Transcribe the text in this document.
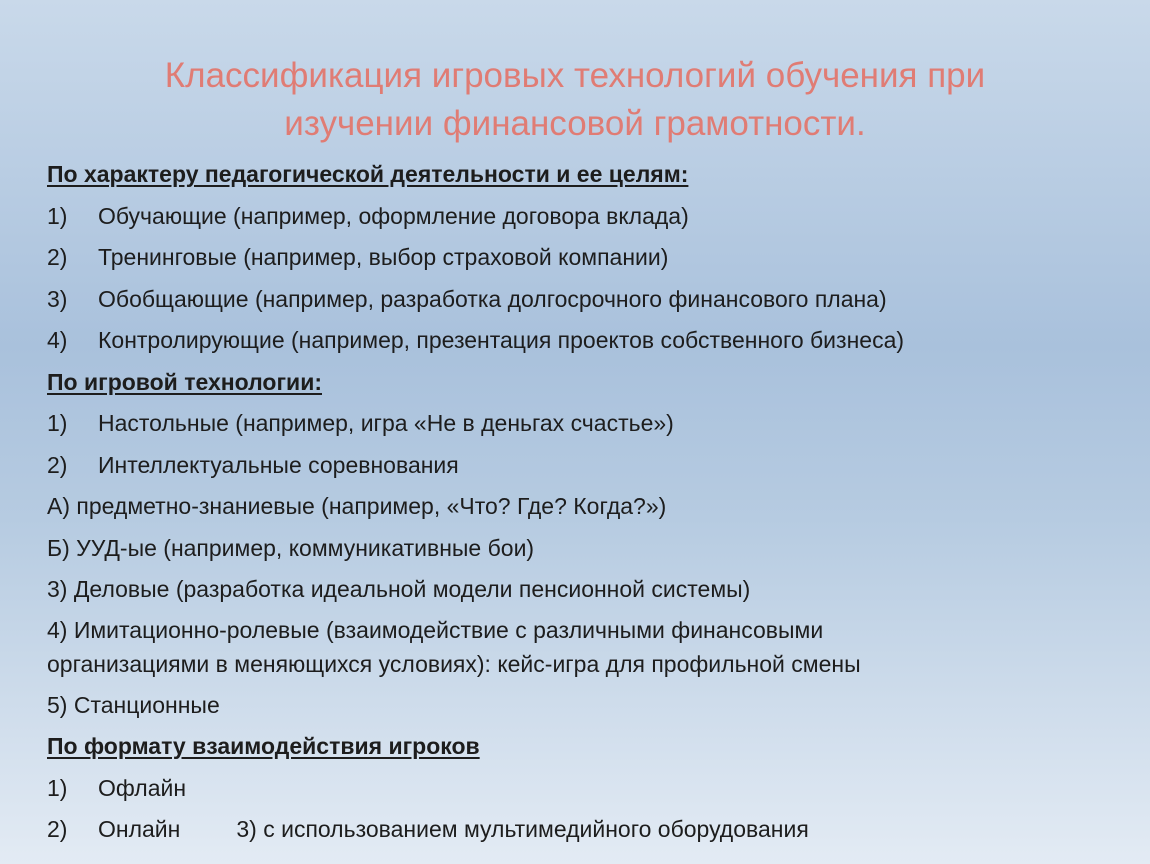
Классификация игровых технологий обучения при
изучении финансовой грамотности.
По характеру педагогической деятельности и ее целям:
1) Обучающие (например, оформление договора вклада)
2) Тренинговые (например, выбор страховой компании)
3) Обобщающие (например, разработка долгосрочного финансового плана)
4) Контролирующие (например, презентация проектов собственного бизнеса)
По игровой технологии:
1) Настольные (например, игра «Не в деньгах счастье»)
2) Интеллектуальные соревнования
А) предметно-знаниевые (например, «Что? Где? Когда?»)
Б) УУД-ые (например, коммуникативные бои)
3) Деловые (разработка идеальной модели пенсионной системы)
4) Имитационно-ролевые (взаимодействие с различными финансовыми
организациями в меняющихся условиях): кейс-игра для профильной смены
5) Станционные
По формату взаимодействия игроков
1) Офлайн
2) Онлайн 3) с использованием мультимедийного оборудования
